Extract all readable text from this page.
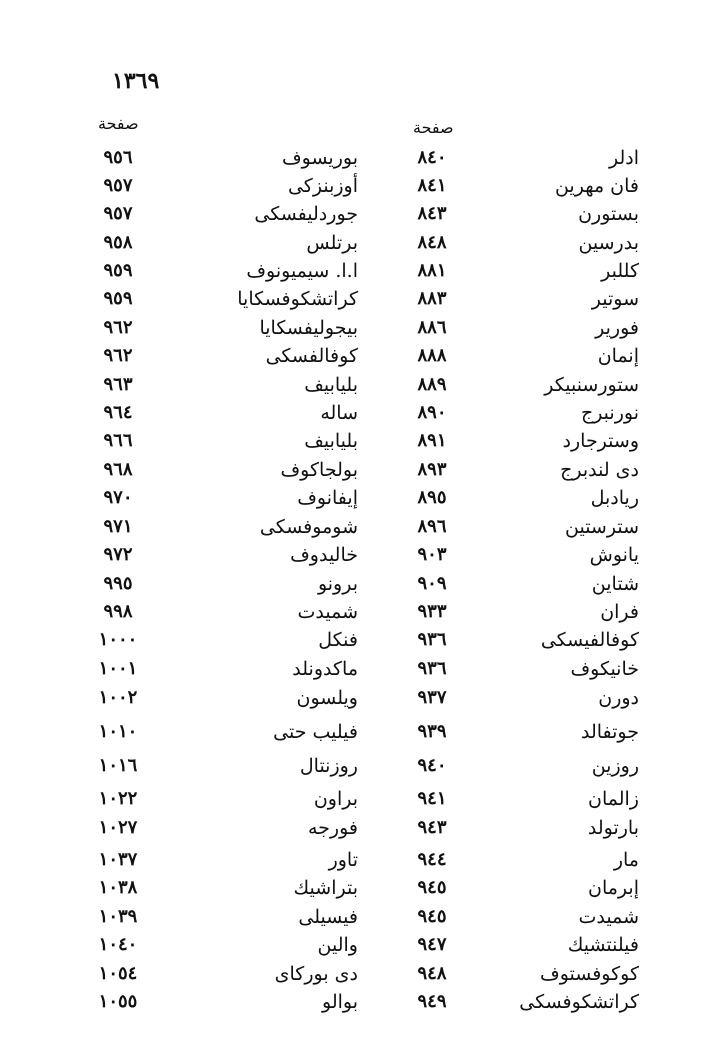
١٣٦٩
صفحة	صفحة
ادلر
٨٤٠
بوريسوف
٩٥٦
فان مهرين
٨٤١
أوزبنزكى
٩٥٧
بستورن
٨٤٣
جوردليفسكى
٩٥٧
بدرسين
٨٤٨
برتلس
٩٥٨
كللبر
٨٨١
ا.ا. سيميونوف
٩٥٩
سوتير
٨٨٣
كراتشكوفسكايا
٩٥٩
فورير
٨٨٦
بيجوليفسكايا
٩٦٢
إنمان
٨٨٨
كوفالفسكى
٩٦٢
ستورسنبيكر
٨٨٩
بليابيف
٩٦٣
نورنبرج
٨٩٠
ساله
٩٦٤
وسترجارد
٨٩١
بليابيف
٩٦٦
دى لندبرج
٨٩٣
بولجاكوف
٩٦٨
ريادبل
٨٩٥
إيفانوف
٩٧٠
سترستين
٨٩٦
شوموفسكى
٩٧١
يانوش
٩٠٣
خاليدوف
٩٧٢
شتاين
٩٠٩
برونو
٩٩٥
فران
٩٣٣
شميدت
٩٩٨
كوفالفيسكى
٩٣٦
فنكل
١٠٠٠
خانيكوف
٩٣٦
ماكدونلد
١٠٠١
دورن
٩٣٧
ويلسون
١٠٠٢
جوتفالد
٩٣٩
فيليب حتى
١٠١٠
روزين
٩٤٠
روزنتال
١٠١٦
زالمان
٩٤١
براون
١٠٢٢
بارتولد
٩٤٣
فورجه
١٠٢٧
مار
٩٤٤
تاور
١٠٣٧
إبرمان
٩٤٥
بتراشيك
١٠٣٨
شميدت
٩٤٥
فيسيلى
١٠٣٩
فيلنتشيك
٩٤٧
والين
١٠٤٠
كوكوفستوف
٩٤٨
دى بوركاى
١٠٥٤
كراتشكوفسكى
٩٤٩
بوالو
١٠٥٥
